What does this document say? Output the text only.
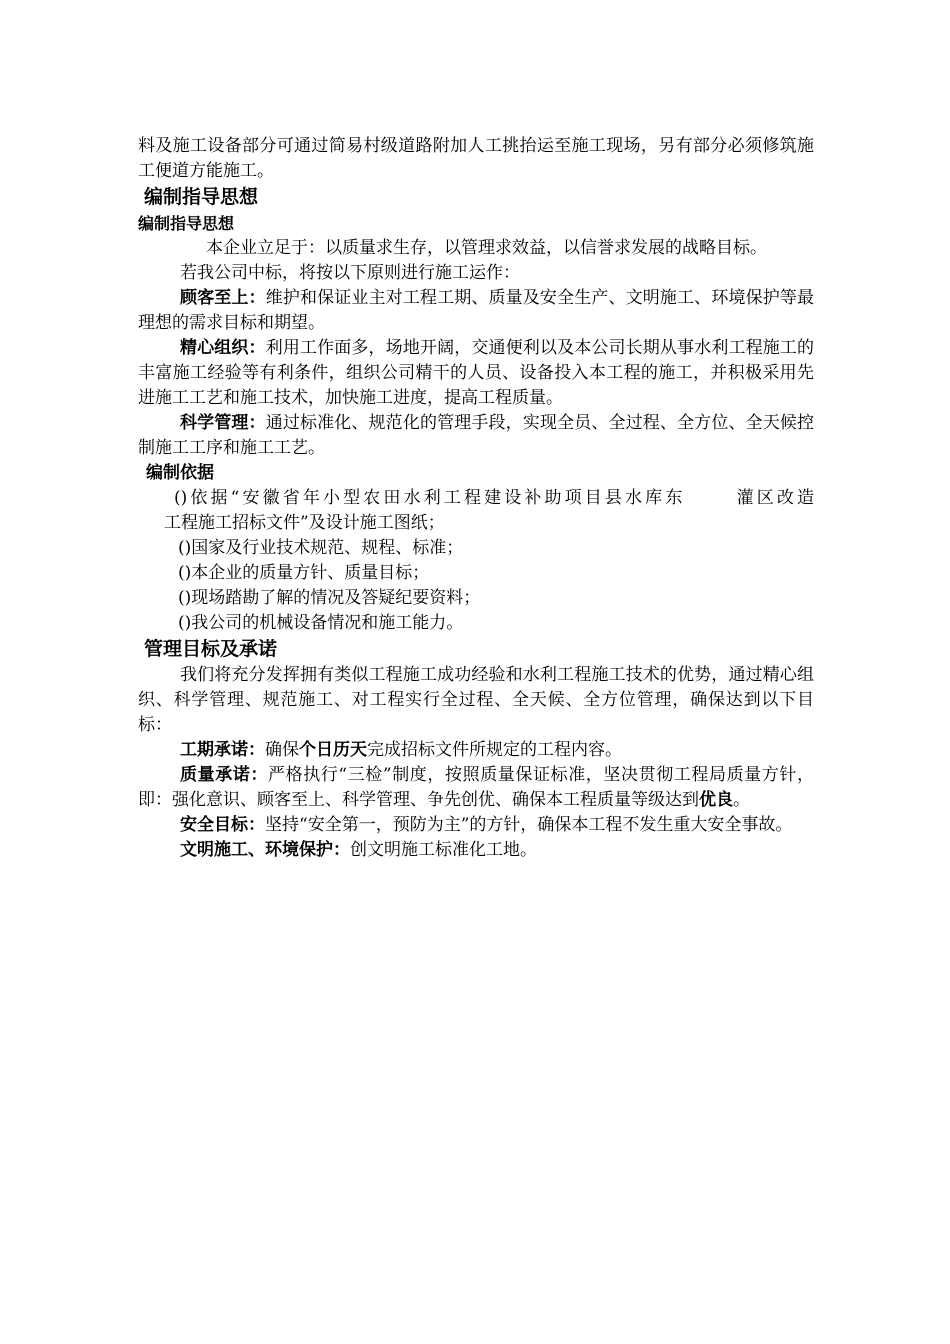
料及施工设备部分可通过简易村级道路附加人工挑抬运至施工现场，另有部分必须修筑施工便道方能施工。

编制指导思想
编制指导思想

本企业立足于：以质量求生存，以管理求效益，以信誉求发展的战略目标。

若我公司中标，将按以下原则进行施工运作：

顾客至上：维护和保证业主对工程工期、质量及安全生产、文明施工、环境保护等最理想的需求目标和期望。

精心组织：利用工作面多，场地开阔，交通便利以及本公司长期从事水利工程施工的丰富施工经验等有利条件，组织公司精干的人员、设备投入本工程的施工，并积极采用先进施工工艺和施工技术，加快施工进度，提高工程质量。

科学管理：通过标准化、规范化的管理手段，实现全员、全过程、全方位、全天候控制施工工序和施工工艺。

编制依据

()依据“安徽省年小型农田水利工程建设补助项目县水库东	灌区改造

工程施工招标文件”及设计施工图纸；

()国家及行业技术规范、规程、标准；

()本企业的质量方针、质量目标；

()现场踏勘了解的情况及答疑纪要资料；

()我公司的机械设备情况和施工能力。

管理目标及承诺

我们将充分发挥拥有类似工程施工成功经验和水利工程施工技术的优势，通过精心组织、科学管理、规范施工、对工程实行全过程、全天候、全方位管理，确保达到以下目标：

工期承诺：确保个日历天完成招标文件所规定的工程内容。

质量承诺：严格执行“三检”制度，按照质量保证标准，坚决贯彻工程局质量方针，即：强化意识、顾客至上、科学管理、争先创优、确保本工程质量等级达到优良。

安全目标：坚持“安全第一，预防为主”的方针，确保本工程不发生重大安全事故。

文明施工、环境保护：创文明施工标准化工地。
